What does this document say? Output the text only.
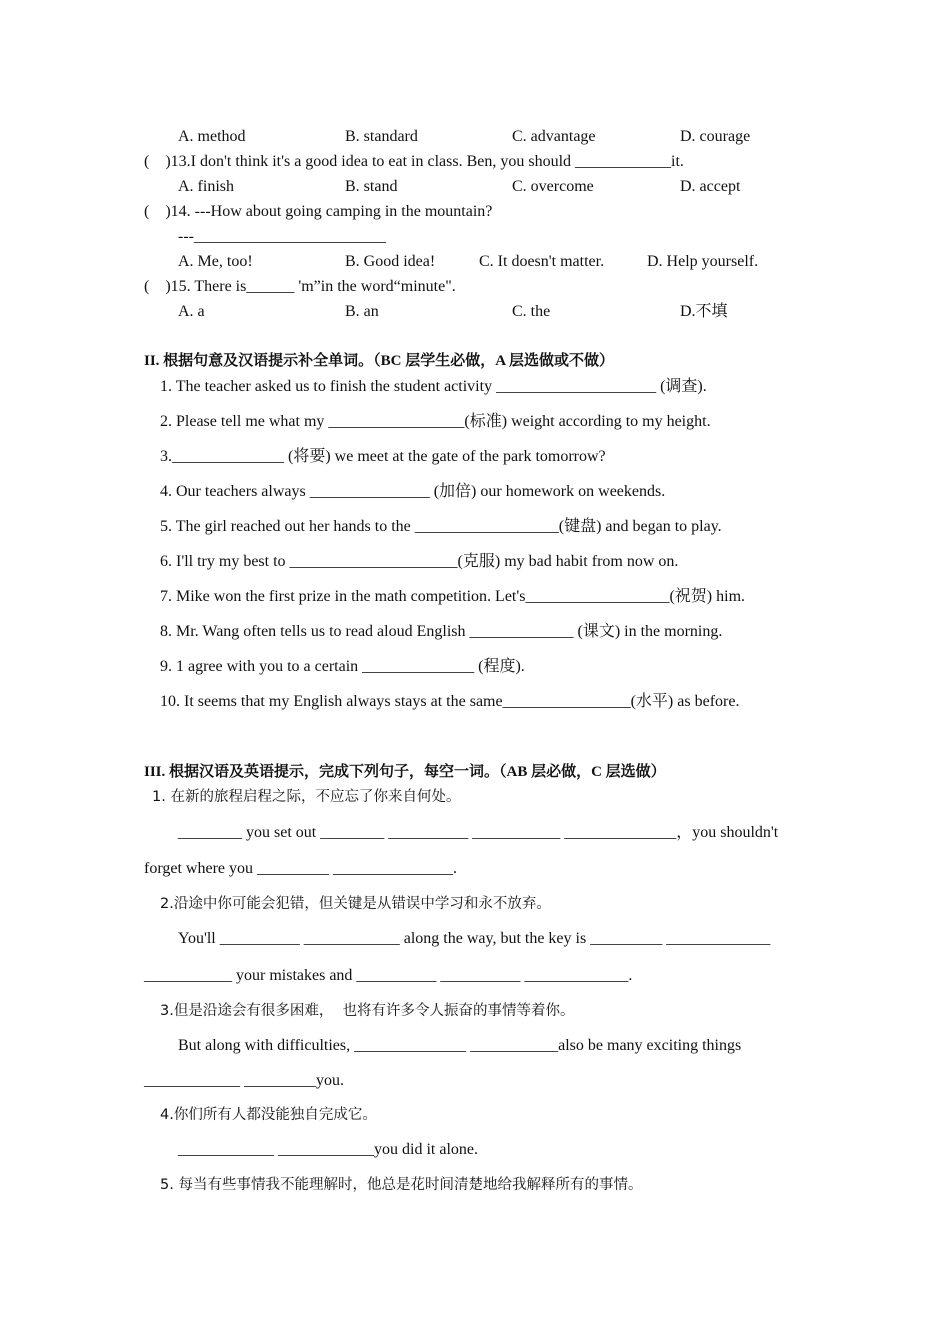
A. method	B. standard	C. advantage	D. courage
(    )13.I don't think it's a good idea to eat in class. Ben, you should ____________it.
A. finish	B. stand	C. overcome	D. accept
(    )14. ---How about going camping in the mountain?
---________________________
A. Me, too!	B. Good idea!	C. It doesn't matter.	D. Help yourself.
(    )15. There is______ 'm”in the word“minute".
A. a	B. an	C. the	D.不填
II. 根据句意及汉语提示补全单词。（BC 层学生必做，A 层选做或不做）
1. The teacher asked us to finish the student activity ____________________ (调查).
2. Please tell me what my _________________(标准) weight according to my height.
3.______________ (将要) we meet at the gate of the park tomorrow?
4. Our teachers always _______________ (加倍) our homework on weekends.
5. The girl reached out her hands to the __________________(键盘) and began to play.
6. I'll try my best to _____________________(克服) my bad habit from now on.
7. Mike won the first prize in the math competition. Let's__________________(祝贺) him.
8. Mr. Wang often tells us to read aloud English _____________ (课文) in the morning.
9. 1 agree with you to a certain ______________ (程度).
10. It seems that my English always stays at the same________________(水平) as before.
III. 根据汉语及英语提示，完成下列句子，每空一词。（AB 层必做，C 层选做）
1. 在新的旅程启程之际，不应忘了你来自何处。
________ you set out ________ __________ ___________ ______________，you shouldn't
forget where you _________ _______________.
2.沿途中你可能会犯错，但关键是从错误中学习和永不放弃。
You'll __________ ____________ along the way, but the key is _________ _____________
___________ your mistakes and __________ __________ _____________.
3.但是沿途会有很多困难，  也将有许多令人振奋的事情等着你。
But along with difficulties, ______________ ___________also be many exciting things
____________ _________you.
4.你们所有人都没能独自完成它。
____________ ____________you did it alone.
5. 每当有些事情我不能理解时，他总是花时间清楚地给我解释所有的事情。
